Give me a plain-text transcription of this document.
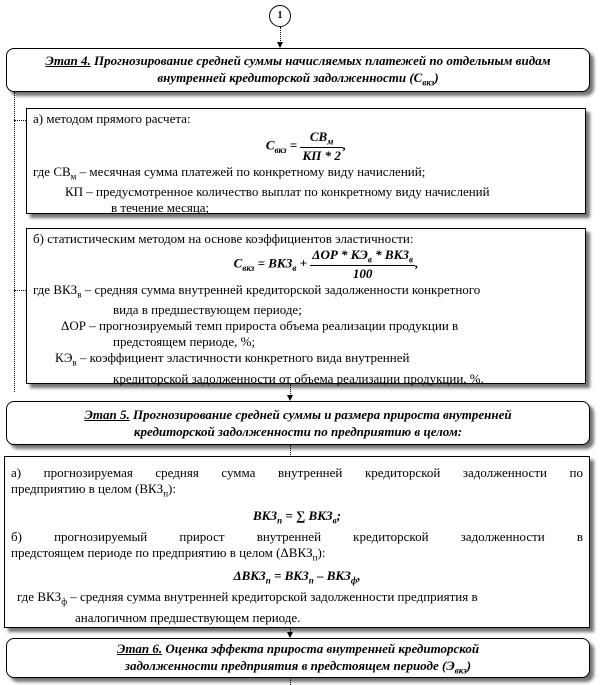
1
Этап 4. Прогнозирование средней суммы начисляемых платежей по отдельным видам внутренней кредиторской задолженности $(С_{вкз})$
а) методом прямого расчета:
$С_{вкз} = \frac{СВ_м}{КП * 2}$ ,
где $СВ_м$ – месячная сумма платежей по конкретному виду начислений;
КП – предусмотренное количество выплат по конкретному виду начислений
в течение месяца;
б) статистическим методом на основе коэффициентов эластичности:
$С_{вкз} = ВКЗ_в + \frac{\Delta ОР * КЭ_в * ВКЗ_в}{100}$ ,
где $ВКЗ_в$ – средняя сумма внутренней кредиторской задолженности конкретного
вида в предшествующем периоде;
ΔОР – прогнозируемый темп прироста объема реализации продукции в
предстоящем периоде, %;
$КЭ_в$ – коэффициент эластичности конкретного вида внутренней
кредиторской задолженности от объема реализации продукции, %.
Этап 5. Прогнозирование средней суммы и размера прироста внутренней
кредиторской задолженности по предприятию в целом:
а) прогнозируемая средняя сумма внутренней кредиторской задолженности по
предприятию в целом $(ВКЗ_п)$:
$ВКЗ_п$ = ∑ $ВКЗ_в$;
б) прогнозируемый прирост внутренней кредиторской задолженности в
предстоящем периоде по предприятию в целом $(\Delta ВКЗ_п)$:
$\Delta ВКЗ_п = ВКЗ_п - ВКЗ_ф$,
где $ВКЗ_ф$ – средняя сумма внутренней кредиторской задолженности предприятия в
аналогичном предшествующем периоде.
Этап 6. Оценка эффекта прироста внутренней кредиторской
задолженности предприятия в предстоящем периоде $(Э_{вкз})$
